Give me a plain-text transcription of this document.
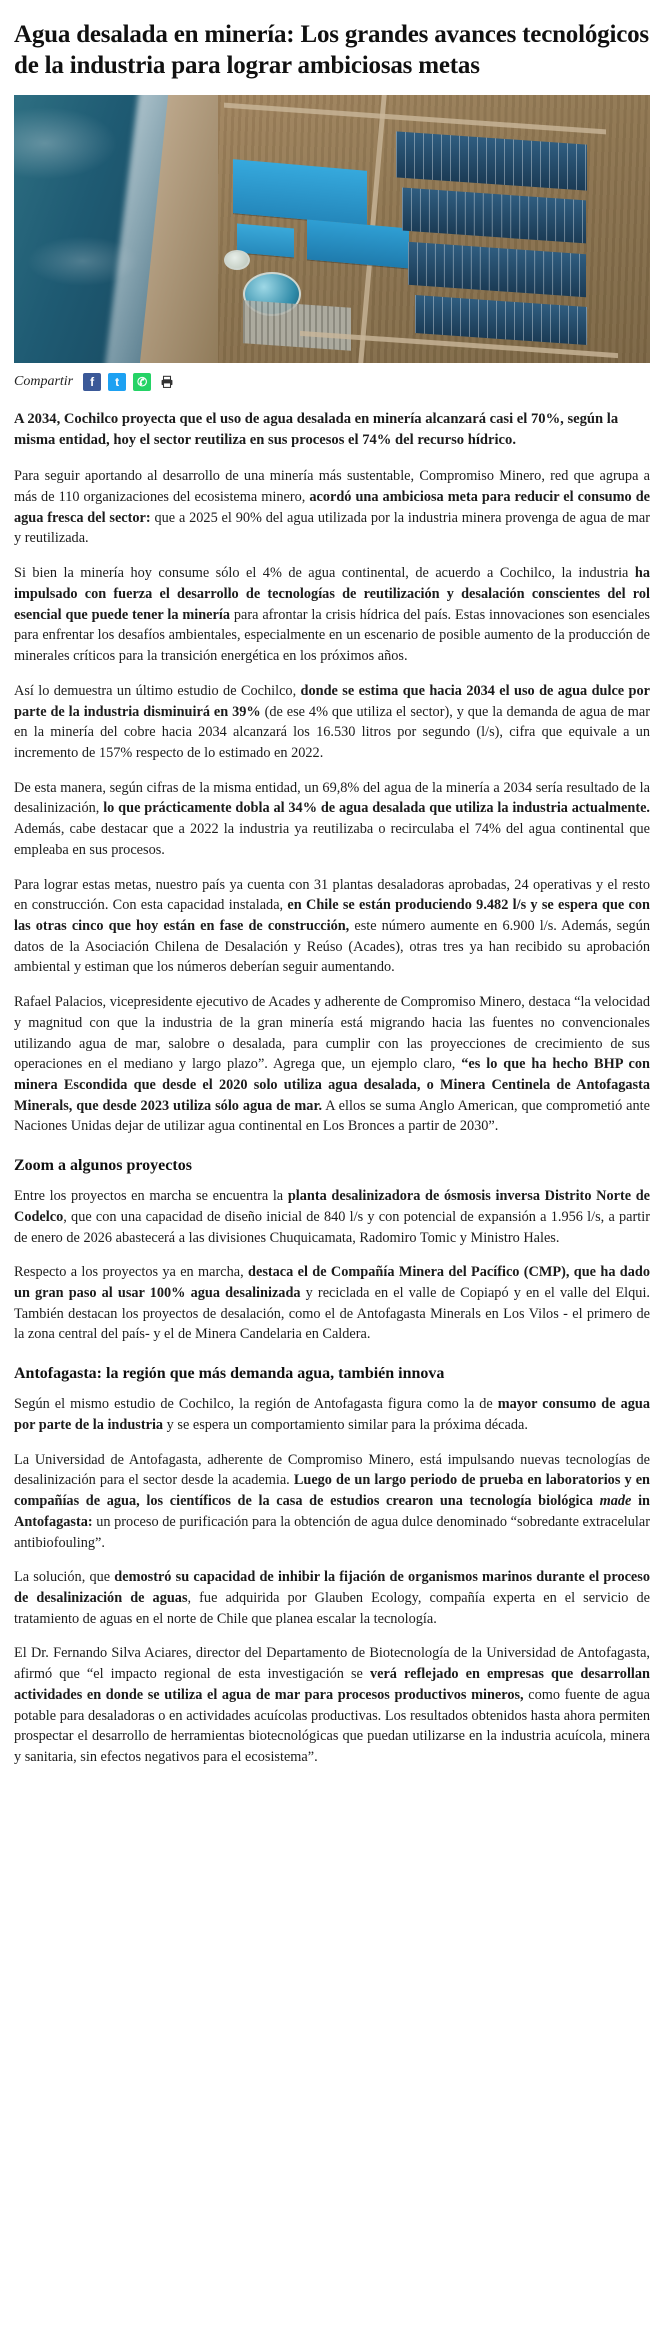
Agua desalada en minería: Los grandes avances tecnológicos de la industria para lograr ambiciosas metas
Compartir f t ✆

A 2034, Cochilco proyecta que el uso de agua desalada en minería alcanzará casi el 70%, según la misma entidad, hoy el sector reutiliza en sus procesos el 74% del recurso hídrico.

Para seguir aportando al desarrollo de una minería más sustentable, Compromiso Minero, red que agrupa a más de 110 organizaciones del ecosistema minero, acordó una ambiciosa meta para reducir el consumo de agua fresca del sector: que a 2025 el 90% del agua utilizada por la industria minera provenga de agua de mar y reutilizada.

Si bien la minería hoy consume sólo el 4% de agua continental, de acuerdo a Cochilco, la industria ha impulsado con fuerza el desarrollo de tecnologías de reutilización y desalación conscientes del rol esencial que puede tener la minería para afrontar la crisis hídrica del país. Estas innovaciones son esenciales para enfrentar los desafíos ambientales, especialmente en un escenario de posible aumento de la producción de minerales críticos para la transición energética en los próximos años.

Así lo demuestra un último estudio de Cochilco, donde se estima que hacia 2034 el uso de agua dulce por parte de la industria disminuirá en 39% (de ese 4% que utiliza el sector), y que la demanda de agua de mar en la minería del cobre hacia 2034 alcanzará los 16.530 litros por segundo (l/s), cifra que equivale a un incremento de 157% respecto de lo estimado en 2022.

De esta manera, según cifras de la misma entidad, un 69,8% del agua de la minería a 2034 sería resultado de la desalinización, lo que prácticamente dobla al 34% de agua desalada que utiliza la industria actualmente. Además, cabe destacar que a 2022 la industria ya reutilizaba o recirculaba el 74% del agua continental que empleaba en sus procesos.

Para lograr estas metas, nuestro país ya cuenta con 31 plantas desaladoras aprobadas, 24 operativas y el resto en construcción. Con esta capacidad instalada, en Chile se están produciendo 9.482 l/s y se espera que con las otras cinco que hoy están en fase de construcción, este número aumente en 6.900 l/s. Además, según datos de la Asociación Chilena de Desalación y Reúso (Acades), otras tres ya han recibido su aprobación ambiental y estiman que los números deberían seguir aumentando.

Rafael Palacios, vicepresidente ejecutivo de Acades y adherente de Compromiso Minero, destaca “la velocidad y magnitud con que la industria de la gran minería está migrando hacia las fuentes no convencionales utilizando agua de mar, salobre o desalada, para cumplir con las proyecciones de crecimiento de sus operaciones en el mediano y largo plazo”. Agrega que, un ejemplo claro, “es lo que ha hecho BHP con minera Escondida que desde el 2020 solo utiliza agua desalada, o Minera Centinela de Antofagasta Minerals, que desde 2023 utiliza sólo agua de mar. A ellos se suma Anglo American, que comprometió ante Naciones Unidas dejar de utilizar agua continental en Los Bronces a partir de 2030”.

Zoom a algunos proyectos

Entre los proyectos en marcha se encuentra la planta desalinizadora de ósmosis inversa Distrito Norte de Codelco, que con una capacidad de diseño inicial de 840 l/s y con potencial de expansión a 1.956 l/s, a partir de enero de 2026 abastecerá a las divisiones Chuquicamata, Radomiro Tomic y Ministro Hales.

Respecto a los proyectos ya en marcha, destaca el de Compañía Minera del Pacífico (CMP), que ha dado un gran paso al usar 100% agua desalinizada y reciclada en el valle de Copiapó y en el valle del Elqui. También destacan los proyectos de desalación, como el de Antofagasta Minerals en Los Vilos - el primero de la zona central del país- y el de Minera Candelaria en Caldera.

Antofagasta: la región que más demanda agua, también innova

Según el mismo estudio de Cochilco, la región de Antofagasta figura como la de mayor consumo de agua por parte de la industria y se espera un comportamiento similar para la próxima década.

La Universidad de Antofagasta, adherente de Compromiso Minero, está impulsando nuevas tecnologías de desalinización para el sector desde la academia. Luego de un largo periodo de prueba en laboratorios y en compañías de agua, los científicos de la casa de estudios crearon una tecnología biológica made in Antofagasta: un proceso de purificación para la obtención de agua dulce denominado “sobredante extracelular antibiofouling”.

La solución, que demostró su capacidad de inhibir la fijación de organismos marinos durante el proceso de desalinización de aguas, fue adquirida por Glauben Ecology, compañía experta en el servicio de tratamiento de aguas en el norte de Chile que planea escalar la tecnología.

El Dr. Fernando Silva Aciares, director del Departamento de Biotecnología de la Universidad de Antofagasta, afirmó que “el impacto regional de esta investigación se verá reflejado en empresas que desarrollan actividades en donde se utiliza el agua de mar para procesos productivos mineros, como fuente de agua potable para desaladoras o en actividades acuícolas productivas. Los resultados obtenidos hasta ahora permiten prospectar el desarrollo de herramientas biotecnológicas que puedan utilizarse en la industria acuícola, minera y sanitaria, sin efectos negativos para el ecosistema”.
